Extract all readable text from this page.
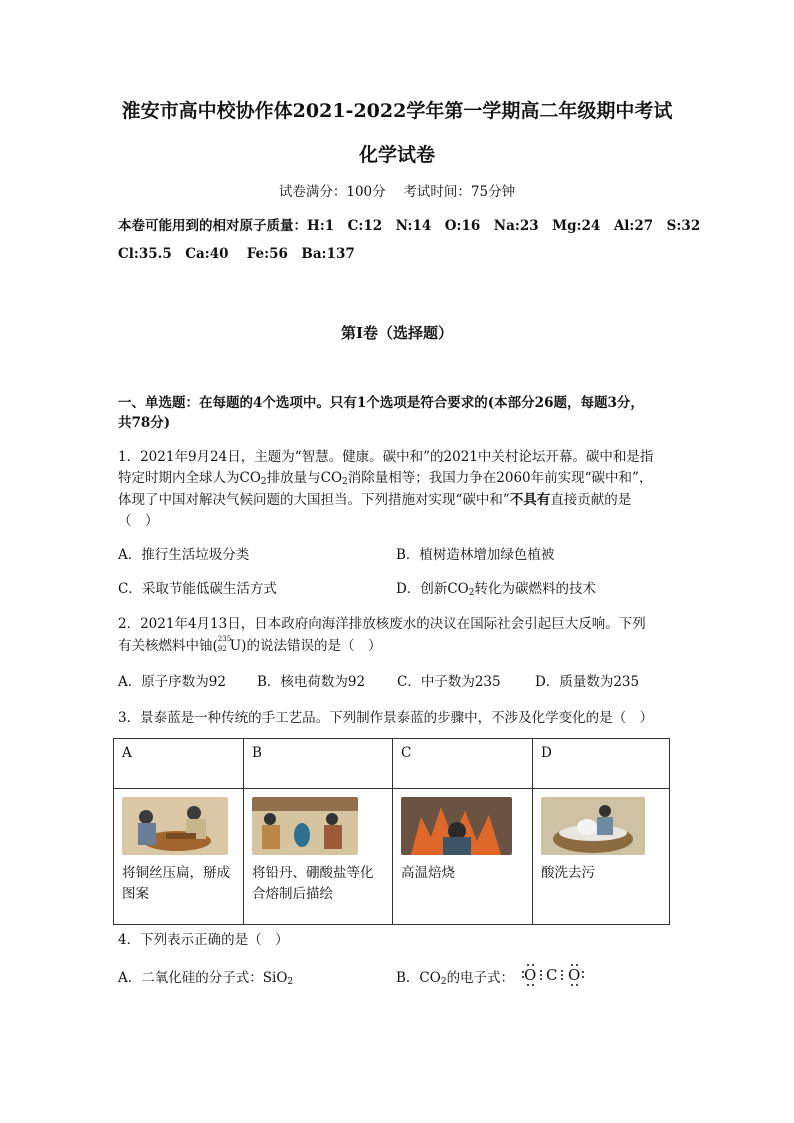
淮安市高中校协作体2021-2022学年第一学期高二年级期中考试
化学试卷
试卷满分：100分　 考试时间：75分钟
本卷可能用到的相对原子质量：H:1　C:12　N:14　O:16　Na:23　Mg:24　Al:27　S:32
Cl:35.5　Ca:40　 Fe:56　Ba:137
第I卷（选择题）
一、单选题：在每题的4个选项中。只有1个选项是符合要求的(本部分26题，每题3分，
共78分)
1．2021年9月24日，主题为“智慧。健康。碳中和”的2021中关村论坛开幕。碳中和是指
特定时期内全球人为$CO_2$排放量与$CO_2$消除量相等；我国力争在2060年前实现“碳中和”，
体现了中国对解决气候问题的大国担当。下列措施对实现“碳中和”不具有直接贡献的是
（　）
A．推行生活垃圾分类	B．植树造林增加绿色植被
C．采取节能低碳生活方式	D．创新$CO_2$转化为碳燃料的技术
2．2021年4月13日，日本政府向海洋排放核废水的决议在国际社会引起巨大反响。下列
有关核燃料中铀( 235
92 U)的说法错误的是（　）
A．原子序数为92 B．核电荷数为92 C．中子数为235	D．质量数为235
3．景泰蓝是一种传统的手工艺品。下列制作景泰蓝的步骤中，不涉及化学变化的是（　）
A	B	C	D

将铜丝压扁，掰成图案	将铅丹、硼酸盐等化合熔制后描绘	高温焙烧	酸洗去污
4．下列表示正确的是（　）
A．二氧化硅的分子式：SiO$_2$	B．$CO_2$的电子式： O C O
